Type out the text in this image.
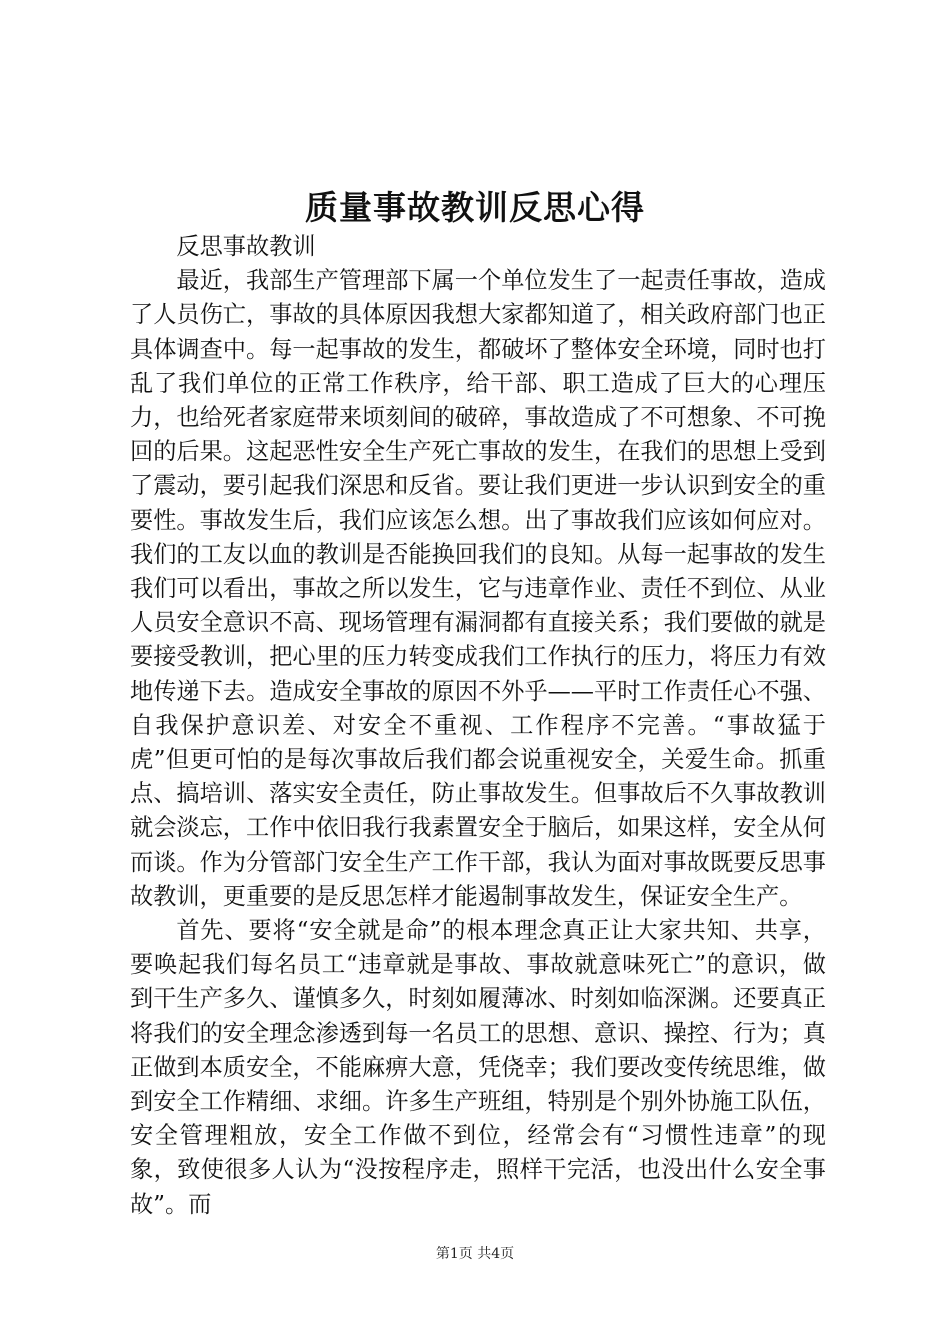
质量事故教训反思心得

反思事故教训

最近，我部生产管理部下属一个单位发生了一起责任事故，造成了人员伤亡，事故的具体原因我想大家都知道了，相关政府部门也正具体调查中。每一起事故的发生，都破坏了整体安全环境，同时也打乱了我们单位的正常工作秩序，给干部、职工造成了巨大的心理压力，也给死者家庭带来顷刻间的破碎，事故造成了不可想象、不可挽回的后果。这起恶性安全生产死亡事故的发生，在我们的思想上受到了震动，要引起我们深思和反省。要让我们更进一步认识到安全的重要性。事故发生后，我们应该怎么想。出了事故我们应该如何应对。我们的工友以血的教训是否能换回我们的良知。从每一起事故的发生我们可以看出，事故之所以发生，它与违章作业、责任不到位、从业人员安全意识不高、现场管理有漏洞都有直接关系；我们要做的就是要接受教训，把心里的压力转变成我们工作执行的压力，将压力有效地传递下去。造成安全事故的原因不外乎——平时工作责任心不强、自我保护意识差、对安全不重视、工作程序不完善。“事故猛于虎”但更可怕的是每次事故后我们都会说重视安全，关爱生命。抓重点、搞培训、落实安全责任，防止事故发生。但事故后不久事故教训就会淡忘，工作中依旧我行我素置安全于脑后，如果这样，安全从何而谈。作为分管部门安全生产工作干部，我认为面对事故既要反思事故教训，更重要的是反思怎样才能遏制事故发生，保证安全生产。

首先、要将“安全就是命”的根本理念真正让大家共知、共享，要唤起我们每名员工“违章就是事故、事故就意味死亡”的意识，做到干生产多久、谨慎多久，时刻如履薄冰、时刻如临深渊。还要真正将我们的安全理念渗透到每一名员工的思想、意识、操控、行为；真正做到本质安全，不能麻痹大意，凭侥幸；我们要改变传统思维，做到安全工作精细、求细。许多生产班组，特别是个别外协施工队伍，安全管理粗放，安全工作做不到位，经常会有“习惯性违章”的现象，致使很多人认为“没按程序走，照样干完活，也没出什么安全事故”。而

第1页 共4页
